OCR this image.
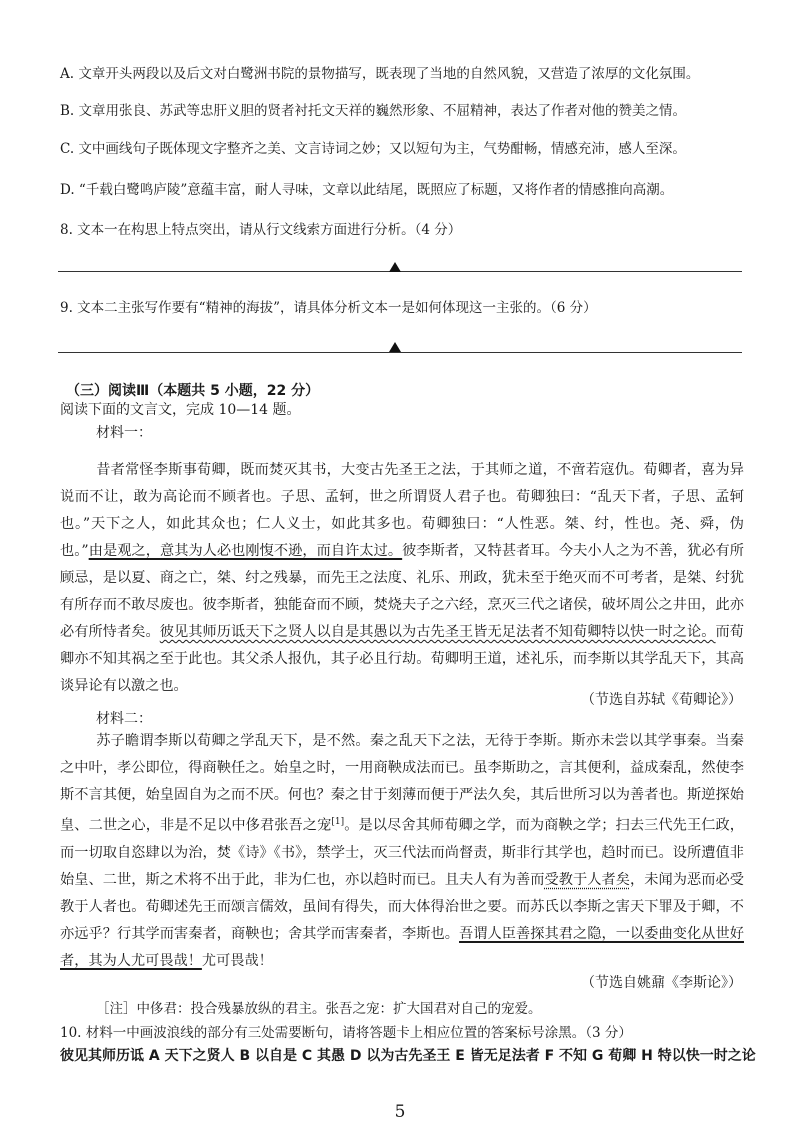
A. 文章开头两段以及后文对白鹭洲书院的景物描写，既表现了当地的自然风貌，又营造了浓厚的文化氛围。
B. 文章用张良、苏武等忠肝义胆的贤者衬托文天祥的巍然形象、不屈精神，表达了作者对他的赞美之情。
C. 文中画线句子既体现文字整齐之美、文言诗词之妙；又以短句为主，气势酣畅，情感充沛，感人至深。
D. “千载白鹭鸣庐陵”意蕴丰富，耐人寻味，文章以此结尾，既照应了标题，又将作者的情感推向高潮。
8. 文本一在构思上特点突出，请从行文线索方面进行分析。（4 分）
9. 文本二主张写作要有“精神的海拔”，请具体分析文本一是如何体现这一主张的。（6 分）
（三）阅读Ⅲ（本题共 5 小题，22 分）
阅读下面的文言文，完成 10—14 题。
材料一：
昔者常怪李斯事荀卿，既而焚灭其书，大变古先圣王之法，于其师之道，不啻若寇仇。荀卿者，喜为异说而不让，敢为高论而不顾者也。子思、孟轲，世之所谓贤人君子也。荀卿独曰：“乱天下者，子思、孟轲也。”天下之人，如此其众也；仁人义士，如此其多也。荀卿独曰：“人性恶。桀、纣，性也。尧、舜，伪也。”由是观之，意其为人必也刚愎不逊，而自许太过。彼李斯者，又特甚者耳。今夫小人之为不善，犹必有所顾忌，是以夏、商之亡，桀、纣之残暴，而先王之法度、礼乐、刑政，犹未至于绝灭而不可考者，是桀、纣犹有所存而不敢尽废也。彼李斯者，独能奋而不顾，焚烧夫子之六经，烹灭三代之诸侯，破坏周公之井田，此亦必有所恃者矣。彼见其师历诋天下之贤人以自是其愚以为古先圣王皆无足法者不知荀卿特以快一时之论。而荀卿亦不知其祸之至于此也。其父杀人报仇，其子必且行劫。荀卿明王道，述礼乐，而李斯以其学乱天下，其高谈异论有以激之也。
（节选自苏轼《荀卿论》）
材料二：
苏子瞻谓李斯以荀卿之学乱天下，是不然。秦之乱天下之法，无待于李斯。斯亦未尝以其学事秦。当秦之中叶，孝公即位，得商鞅任之。始皇之时，一用商鞅成法而已。虽李斯助之，言其便利，益成秦乱，然使李斯不言其便，始皇固自为之而不厌。何也？秦之甘于刻薄而便于严法久矣，其后世所习以为善者也。斯逆探始皇、二世之心，非是不足以中侈君张吾之宠[1]。是以尽舍其师荀卿之学，而为商鞅之学；扫去三代先王仁政，而一切取自恣肆以为治，焚《诗》《书》，禁学士，灭三代法而尚督责，斯非行其学也，趋时而已。设所遭值非始皇、二世，斯之术将不出于此，非为仁也，亦以趋时而已。且夫人有为善而受教于人者矣，未闻为恶而必受教于人者也。荀卿述先王而颂言儒效，虽间有得失，而大体得治世之要。而苏氏以李斯之害天下罪及于卿，不亦远乎？行其学而害秦者，商鞅也；舍其学而害秦者，李斯也。吾谓人臣善探其君之隐，一以委曲变化从世好者，其为人尤可畏哉！尤可畏哉！
（节选自姚鼐《李斯论》）
［注］中侈君：投合残暴放纵的君主。张吾之宠：扩大国君对自己的宠爱。
10. 材料一中画波浪线的部分有三处需要断句，请将答题卡上相应位置的答案标号涂黑。（3 分）
彼见其师历诋 A 天下之贤人 B 以自是 C 其愚 D 以为古先圣王 E 皆无足法者 F 不知 G 荀卿 H 特以快一时之论
5
